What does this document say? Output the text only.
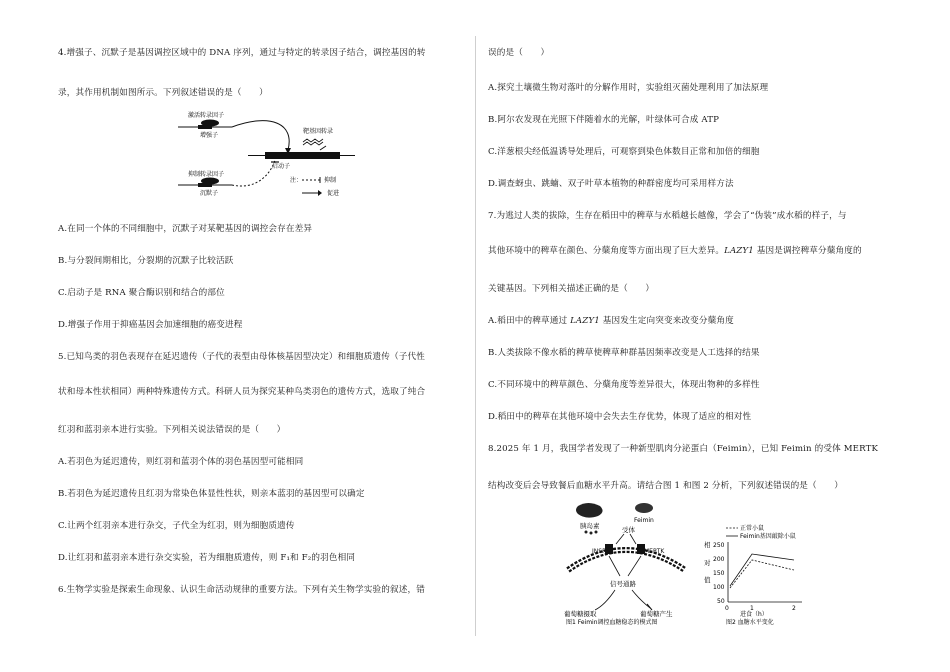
4.增强子、沉默子是基因调控区域中的 DNA 序列，通过与特定的转录因子结合，调控基因的转
录，其作用机制如图所示。下列叙述错误的是（　　）
激活转录因子
增强子
靶基因转录
启动子
抑制转录因子
沉默子
注：	抑制
促进
A.在同一个体的不同细胞中，沉默子对某靶基因的调控会存在差异
B.与分裂间期相比，分裂期的沉默子比较活跃
C.启动子是 RNA 聚合酶识别和结合的部位
D.增强子作用于抑癌基因会加速细胞的癌变进程
5.已知鸟类的羽色表现存在延迟遗传（子代的表型由母体核基因型决定）和细胞质遗传（子代性
状和母本性状相同）两种特殊遗传方式。科研人员为探究某种鸟类羽色的遗传方式，选取了纯合
红羽和蓝羽亲本进行实验。下列相关说法错误的是（　　）
A.若羽色为延迟遗传，则红羽和蓝羽个体的羽色基因型可能相同
B.若羽色为延迟遗传且红羽为常染色体显性性状，则亲本蓝羽的基因型可以确定
C.让两个红羽亲本进行杂交，子代全为红羽，则为细胞质遗传
D.让红羽和蓝羽亲本进行杂交实验，若为细胞质遗传，则 F₁和 F₂的羽色相同
6.生物学实验是探索生命现象、认识生命活动规律的重要方法。下列有关生物学实验的叙述，错
误的是（　　）
A.探究土壤微生物对落叶的分解作用时，实验组灭菌处理利用了加法原理
B.阿尔农发现在光照下伴随着水的光解，叶绿体可合成 ATP
C.洋葱根尖经低温诱导处理后，可观察到染色体数目正常和加倍的细胞
D.调查蚜虫、跳蝻、双子叶草本植物的种群密度均可采用样方法
7.为逃过人类的拔除，生存在稻田中的稗草与水稻越长越像，学会了“伪装”成水稻的样子，与
其他环境中的稗草在颜色、分蘖角度等方面出现了巨大差异。LAZY1 基因是调控稗草分蘖角度的
关键基因。下列相关描述正确的是（　　）
A.稻田中的稗草通过 LAZY1 基因发生定向突变来改变分蘖角度
B.人类拔除不像水稻的稗草使稗草种群基因频率改变是人工选择的结果
C.不同环境中的稗草颜色、分蘖角度等差异很大，体现出物种的多样性
D.稻田中的稗草在其他环境中会失去生存优势，体现了适应的相对性
8.2025 年 1 月，我国学者发现了一种新型肌肉分泌蛋白（Feimin），已知 Feimin 的受体 MERTK
结构改变后会导致餐后血糖水平升高。请结合图 1 和图 2 分析，下列叙述错误的是（　　）
胰岛素
Feimin
受体
INSR	MERTK
信号通路
葡萄糖摄取	葡萄糖产生
图1 Feimin调控血糖稳态的模式图
正常小鼠
Feimin基因敲除小鼠
相
对
值
250
200
150
100
50
0	1	2
进食（h）
图2 血糖水平变化
